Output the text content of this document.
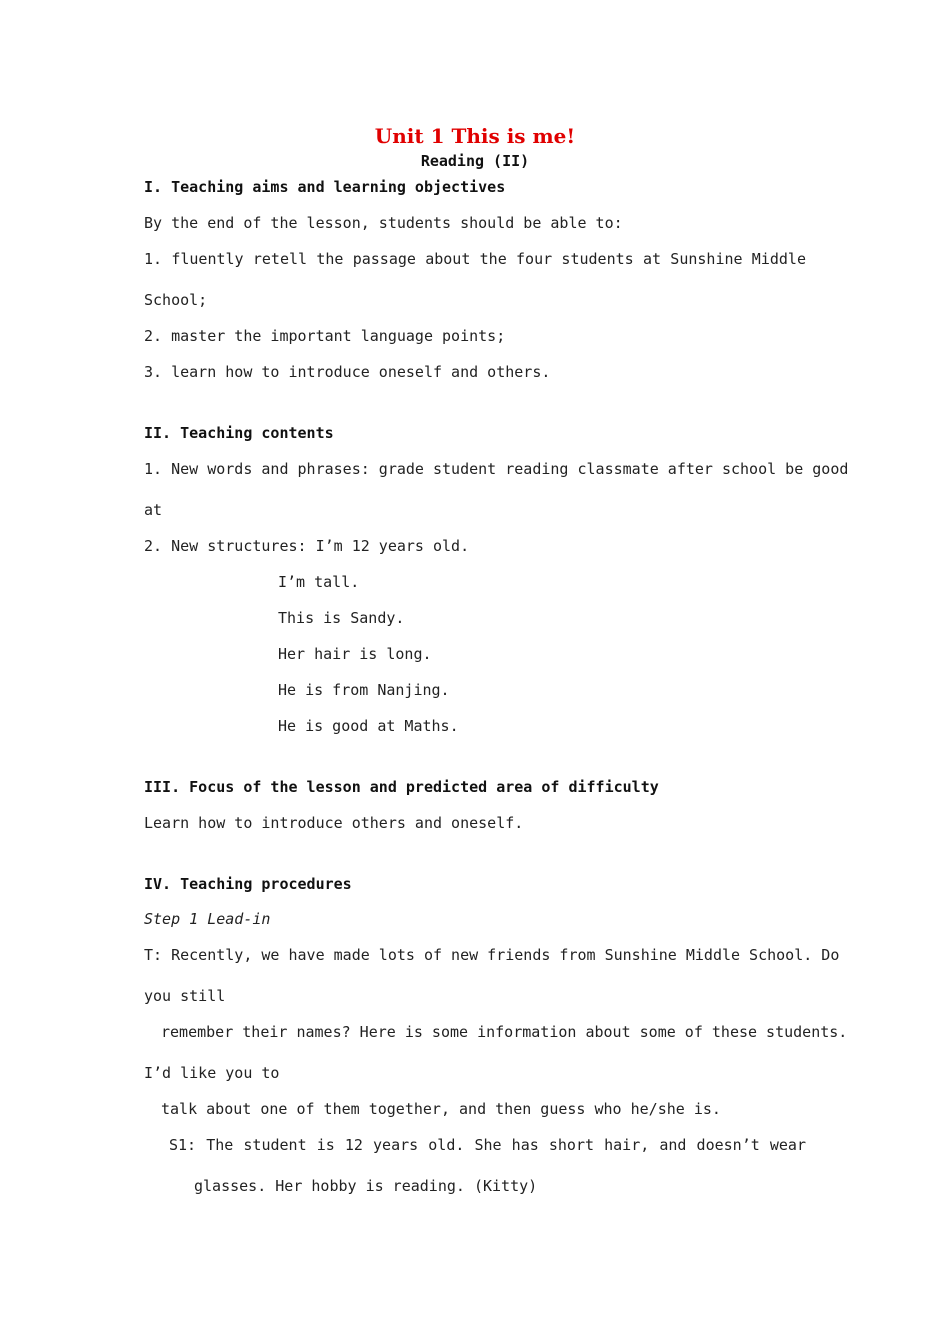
Unit 1 This is me!
Reading (II)
I. Teaching aims and learning objectives
By the end of the lesson, students should be able to:
1. fluently retell the passage about the four students at Sunshine Middle
School;
2. master the important language points;
3. learn how to introduce oneself and others.
II. Teaching contents
1. New words and phrases: grade student reading classmate after school be good
at
2. New structures: I’m 12 years old.
I’m tall.
This is Sandy.
Her hair is long.
He is from Nanjing.
He is good at Maths.
III. Focus of the lesson and predicted area of difficulty
Learn how to introduce others and oneself.
IV. Teaching procedures
Step 1 Lead-in
T: Recently, we have made lots of new friends from Sunshine Middle School. Do
you still
remember their names? Here is some information about some of these students.
I’d like you to
talk about one of them together, and then guess who he/she is.
S1: The student is 12 years old. She has short hair, and doesn’t wear
glasses. Her hobby is reading. (Kitty)
